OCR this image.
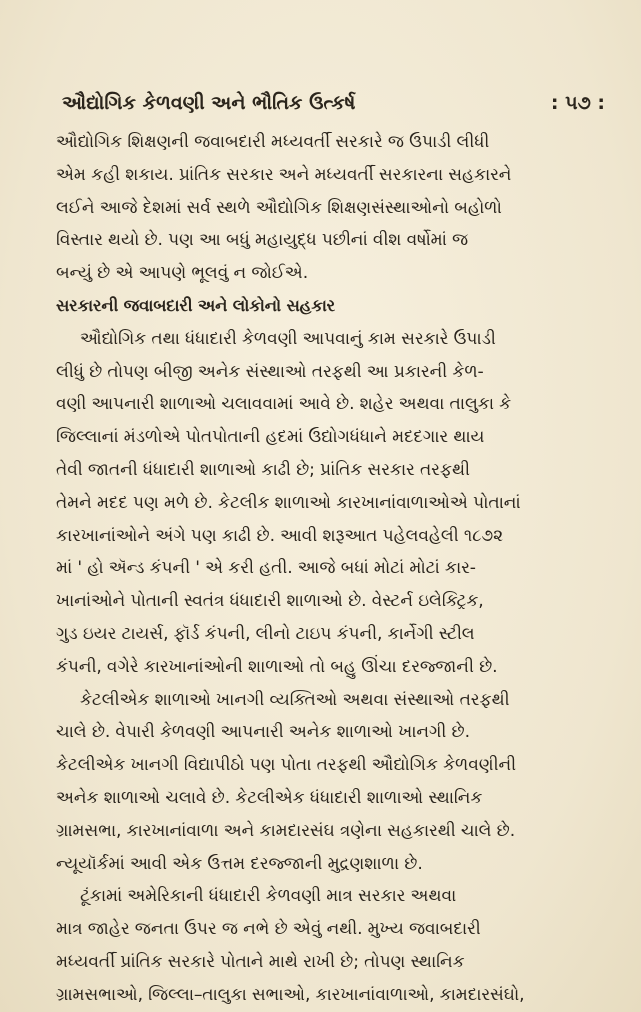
ઔદ્યોગિક કેળવણી અને ભૌતિક ઉત્કર્ષ	: ૫૭ :
ઔદ્યોગિક શિક્ષણની જવાબદારી મધ્યવર્તી સરકારે જ ઉપાડી લીધી
એમ કહી શકાય. પ્રાંતિક સરકાર અને મધ્યવર્તી સરકારના સહકારને
લઈને આજે દેશમાં સર્વ સ્થળે ઔદ્યોગિક શિક્ષણસંસ્થાઓનો બહોળો
વિસ્તાર થયો છે. પણ આ બધું મહાયુદ્ધ પછીનાં વીશ વર્ષોમાં જ
બન્યું છે એ આપણે ભૂલવું ન જોઈએ.
સરકારની જવાબદારી અને લોકોનો સહકાર
ઔદ્યોગિક તથા ધંધાદારી કેળવણી આપવાનું કામ સરકારે ઉપાડી
લીધું છે તોપણ બીજી અનેક સંસ્થાઓ તરફથી આ પ્રકારની કેળ-
વણી આપનારી શાળાઓ ચલાવવામાં આવે છે. શહેર અથવા તાલુકા કે
જિલ્લાનાં મંડળોએ પોતપોતાની હદમાં ઉદ્યોગધંધાને મદદગાર થાય
તેવી જાતની ધંધાદારી શાળાઓ કાઢી છે; પ્રાંતિક સરકાર તરફથી
તેમને મદદ પણ મળે છે. કેટલીક શાળાઓ કારખાનાંવાળાઓએ પોતાનાં
કારખાનાંઓને અંગે પણ કાઢી છે. આવી શરૂઆત પહેલવહેલી ૧૮૭૨
માં ' હો ઍન્ડ કંપની ' એ કરી હતી. આજે બધાં મોટાં મોટાં કાર-
ખાનાંઓને પોતાની સ્વતંત્ર ધંધાદારી શાળાઓ છે. વેસ્ટર્ન ઇલેક્ટ્રિક,
ગુડ ઇયર ટાયર્સ, ફૉર્ડ કંપની, લીનો ટાઇપ કંપની, કાર્નેગી સ્ટીલ
કંપની, વગેરે કારખાનાંઓની શાળાઓ તો બહુ ઊંચા દરજ્જાની છે.
કેટલીએક શાળાઓ ખાનગી વ્યક્તિઓ અથવા સંસ્થાઓ તરફથી
ચાલે છે. વેપારી કેળવણી આપનારી અનેક શાળાઓ ખાનગી છે.
કેટલીએક ખાનગી વિદ્યાપીઠો પણ પોતા તરફથી ઔદ્યોગિક કેળવણીની
અનેક શાળાઓ ચલાવે છે. કેટલીએક ધંધાદારી શાળાઓ સ્થાનિક
ગ્રામસભા, કારખાનાંવાળા અને કામદારસંઘ ત્રણેના સહકારથી ચાલે છે.
ન્યૂયૉર્કમાં આવી એક ઉત્તમ દરજ્જાની મુદ્રણશાળા છે.
ટૂંકામાં અમેરિકાની ધંધાદારી કેળવણી માત્ર સરકાર અથવા
માત્ર જાહેર જનતા ઉપર જ નભે છે એવું નથી. મુખ્ય જવાબદારી
મધ્યવર્તી પ્રાંતિક સરકારે પોતાને માથે રાખી છે; તોપણ સ્થાનિક
ગ્રામસભાઓ, જિલ્લા–તાલુકા સભાઓ, કારખાનાંવાળાઓ, કામદારસંઘો,
